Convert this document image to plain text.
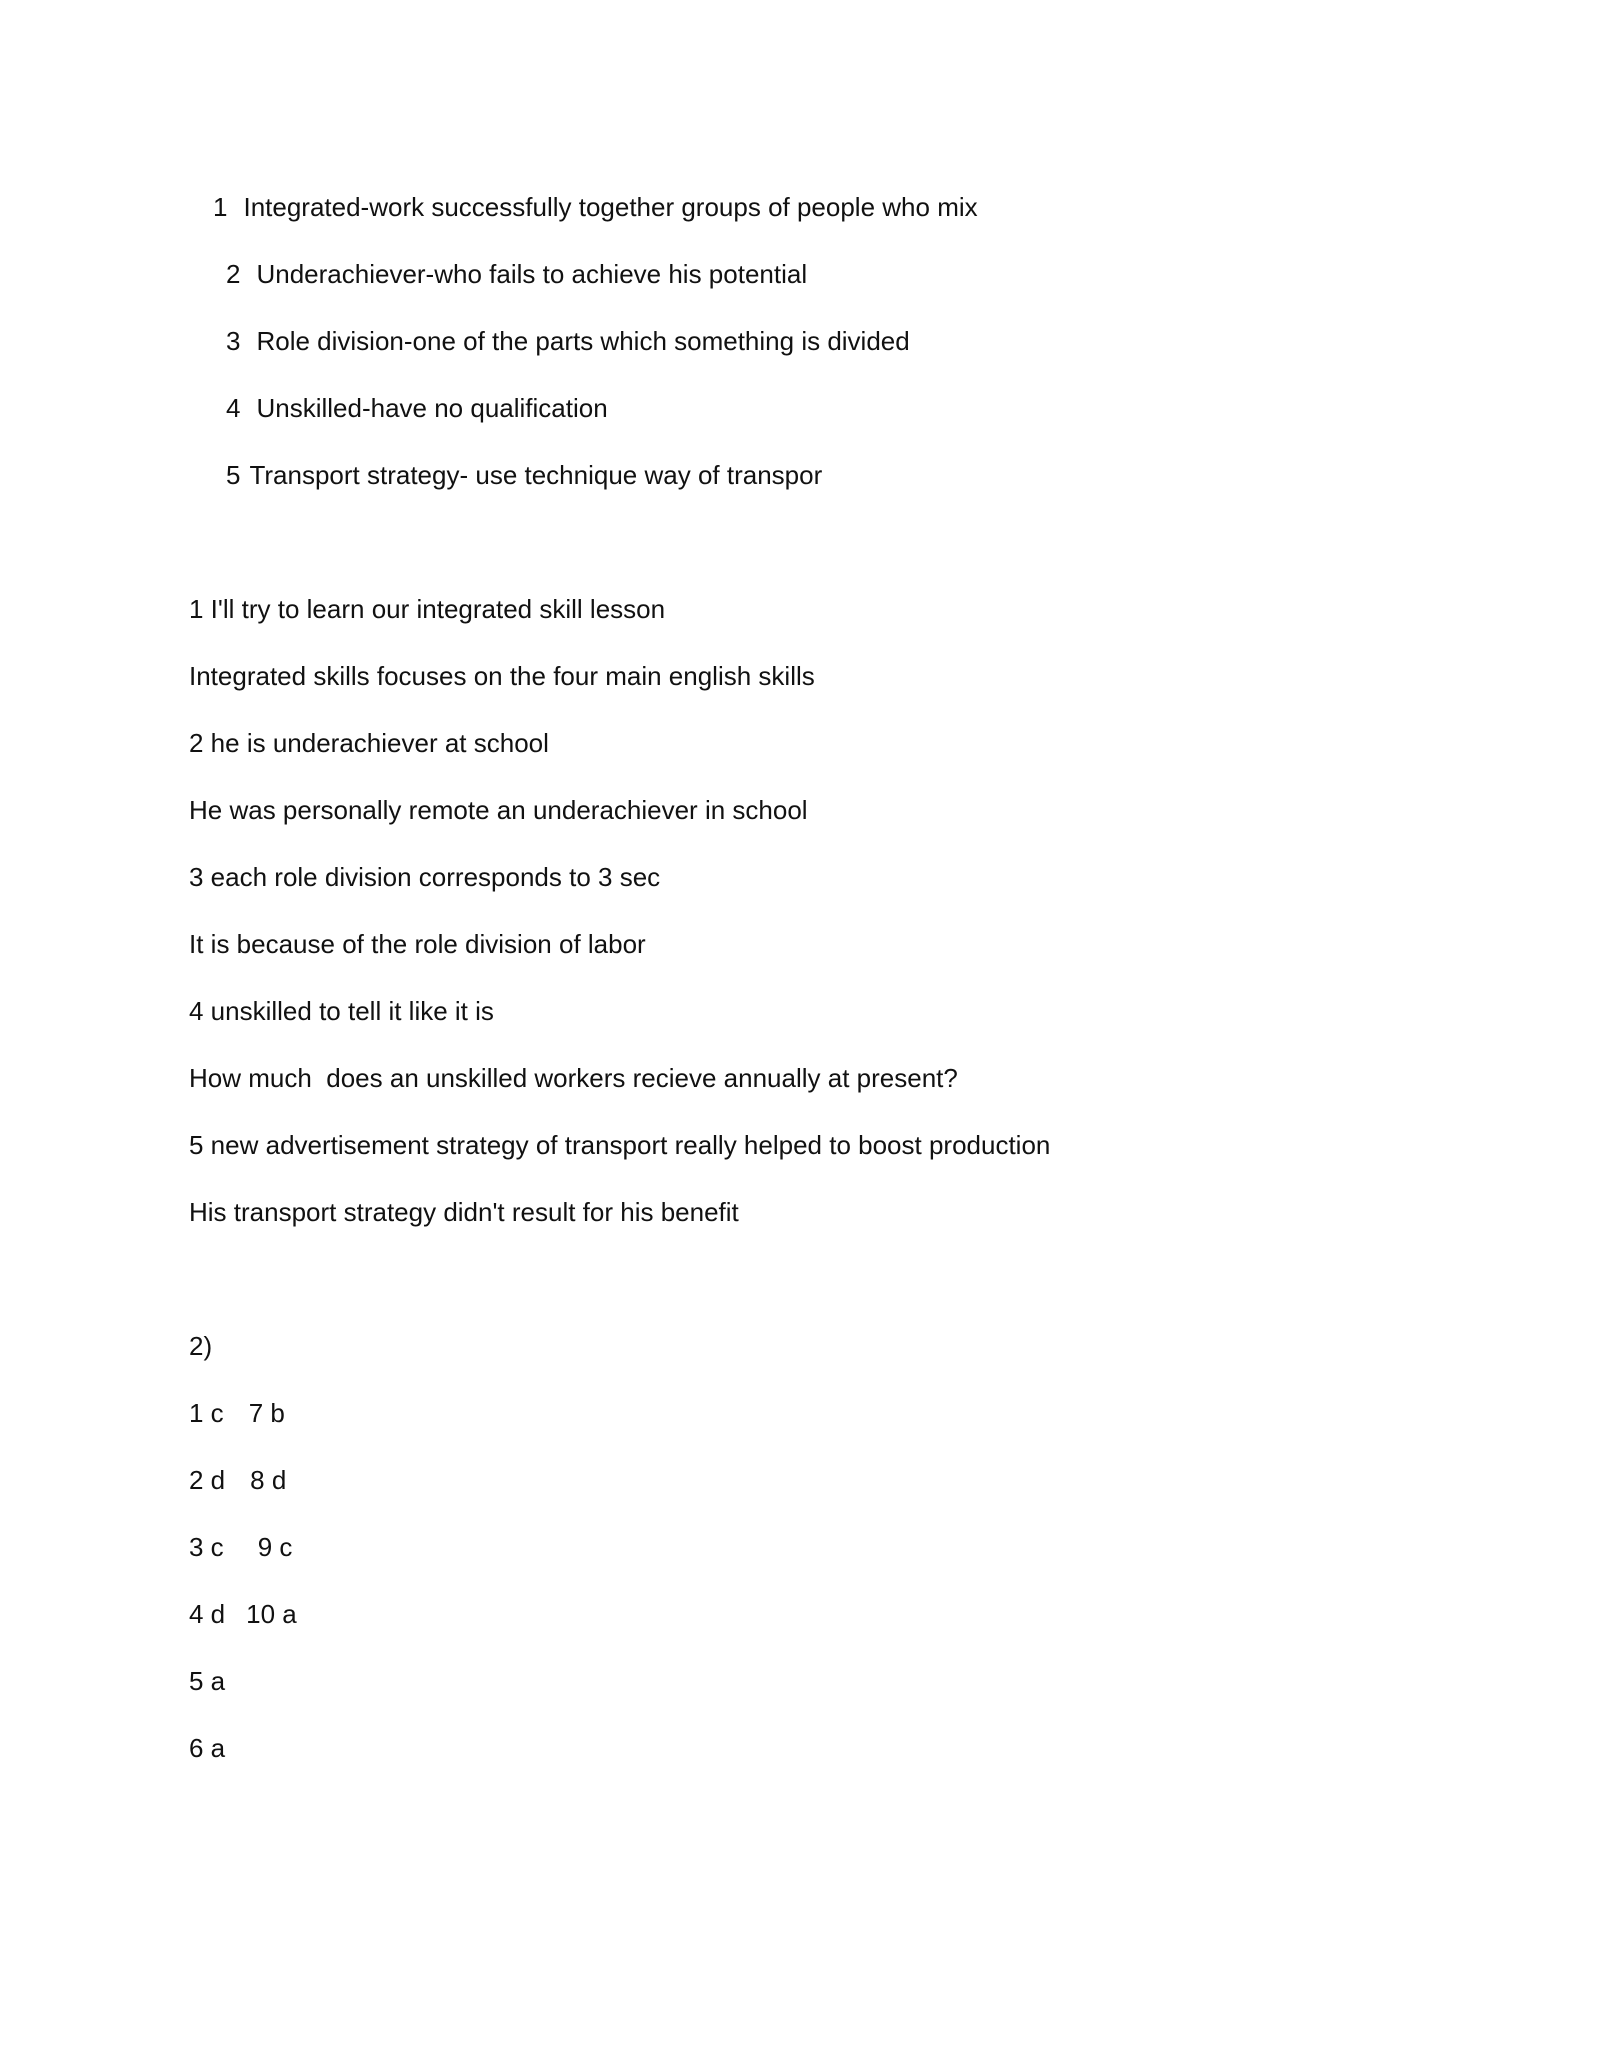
1 Integrated-work successfully together groups of people who mix

2 Underachiever-who fails to achieve his potential

3 Role division-one of the parts which something is divided

4 Unskilled-have no qualification

5 Transport strategy- use technique way of transpor

1 I'll try to learn our integrated skill lesson

Integrated skills focuses on the four main english skills

2 he is underachiever at school

He was personally remote an underachiever in school

3 each role division corresponds to 3 sec

It is because of the role division of labor

4 unskilled to tell it like it is

How much  does an unskilled workers recieve annually at present?

5 new advertisement strategy of transport really helped to boost production

His transport strategy didn't result for his benefit

2)

1 c 7 b

2 d 8 d

3 c 9 c

4 d 10 a

5 a

6 a
